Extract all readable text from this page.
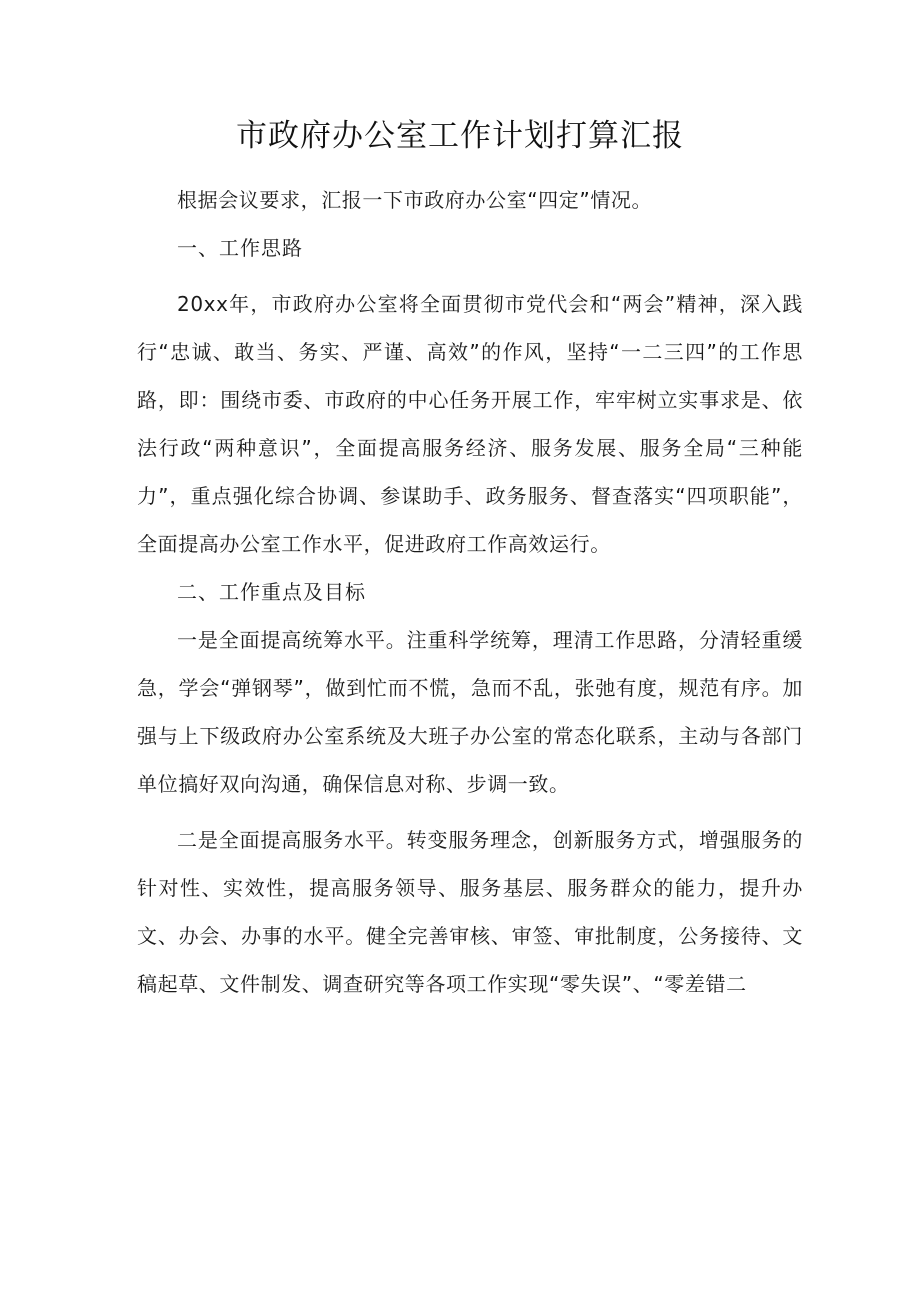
市政府办公室工作计划打算汇报

根据会议要求，汇报一下市政府办公室“四定”情况。

一、工作思路

20xx年，市政府办公室将全面贯彻市党代会和“两会”精神，深入践行“忠诚、敢当、务实、严谨、高效”的作风，坚持“一二三四”的工作思路，即：围绕市委、市政府的中心任务开展工作，牢牢树立实事求是、依法行政“两种意识”，全面提高服务经济、服务发展、服务全局“三种能力”，重点强化综合协调、参谋助手、政务服务、督查落实“四项职能”，全面提高办公室工作水平，促进政府工作高效运行。

二、工作重点及目标

一是全面提高统筹水平。注重科学统筹，理清工作思路，分清轻重缓急，学会“弹钢琴”，做到忙而不慌，急而不乱，张弛有度，规范有序。加强与上下级政府办公室系统及大班子办公室的常态化联系，主动与各部门单位搞好双向沟通，确保信息对称、步调一致。

二是全面提高服务水平。转变服务理念，创新服务方式，增强服务的针对性、实效性，提高服务领导、服务基层、服务群众的能力，提升办文、办会、办事的水平。健全完善审核、审签、审批制度，公务接待、文稿起草、文件制发、调查研究等各项工作实现“零失误”、“零差错二
